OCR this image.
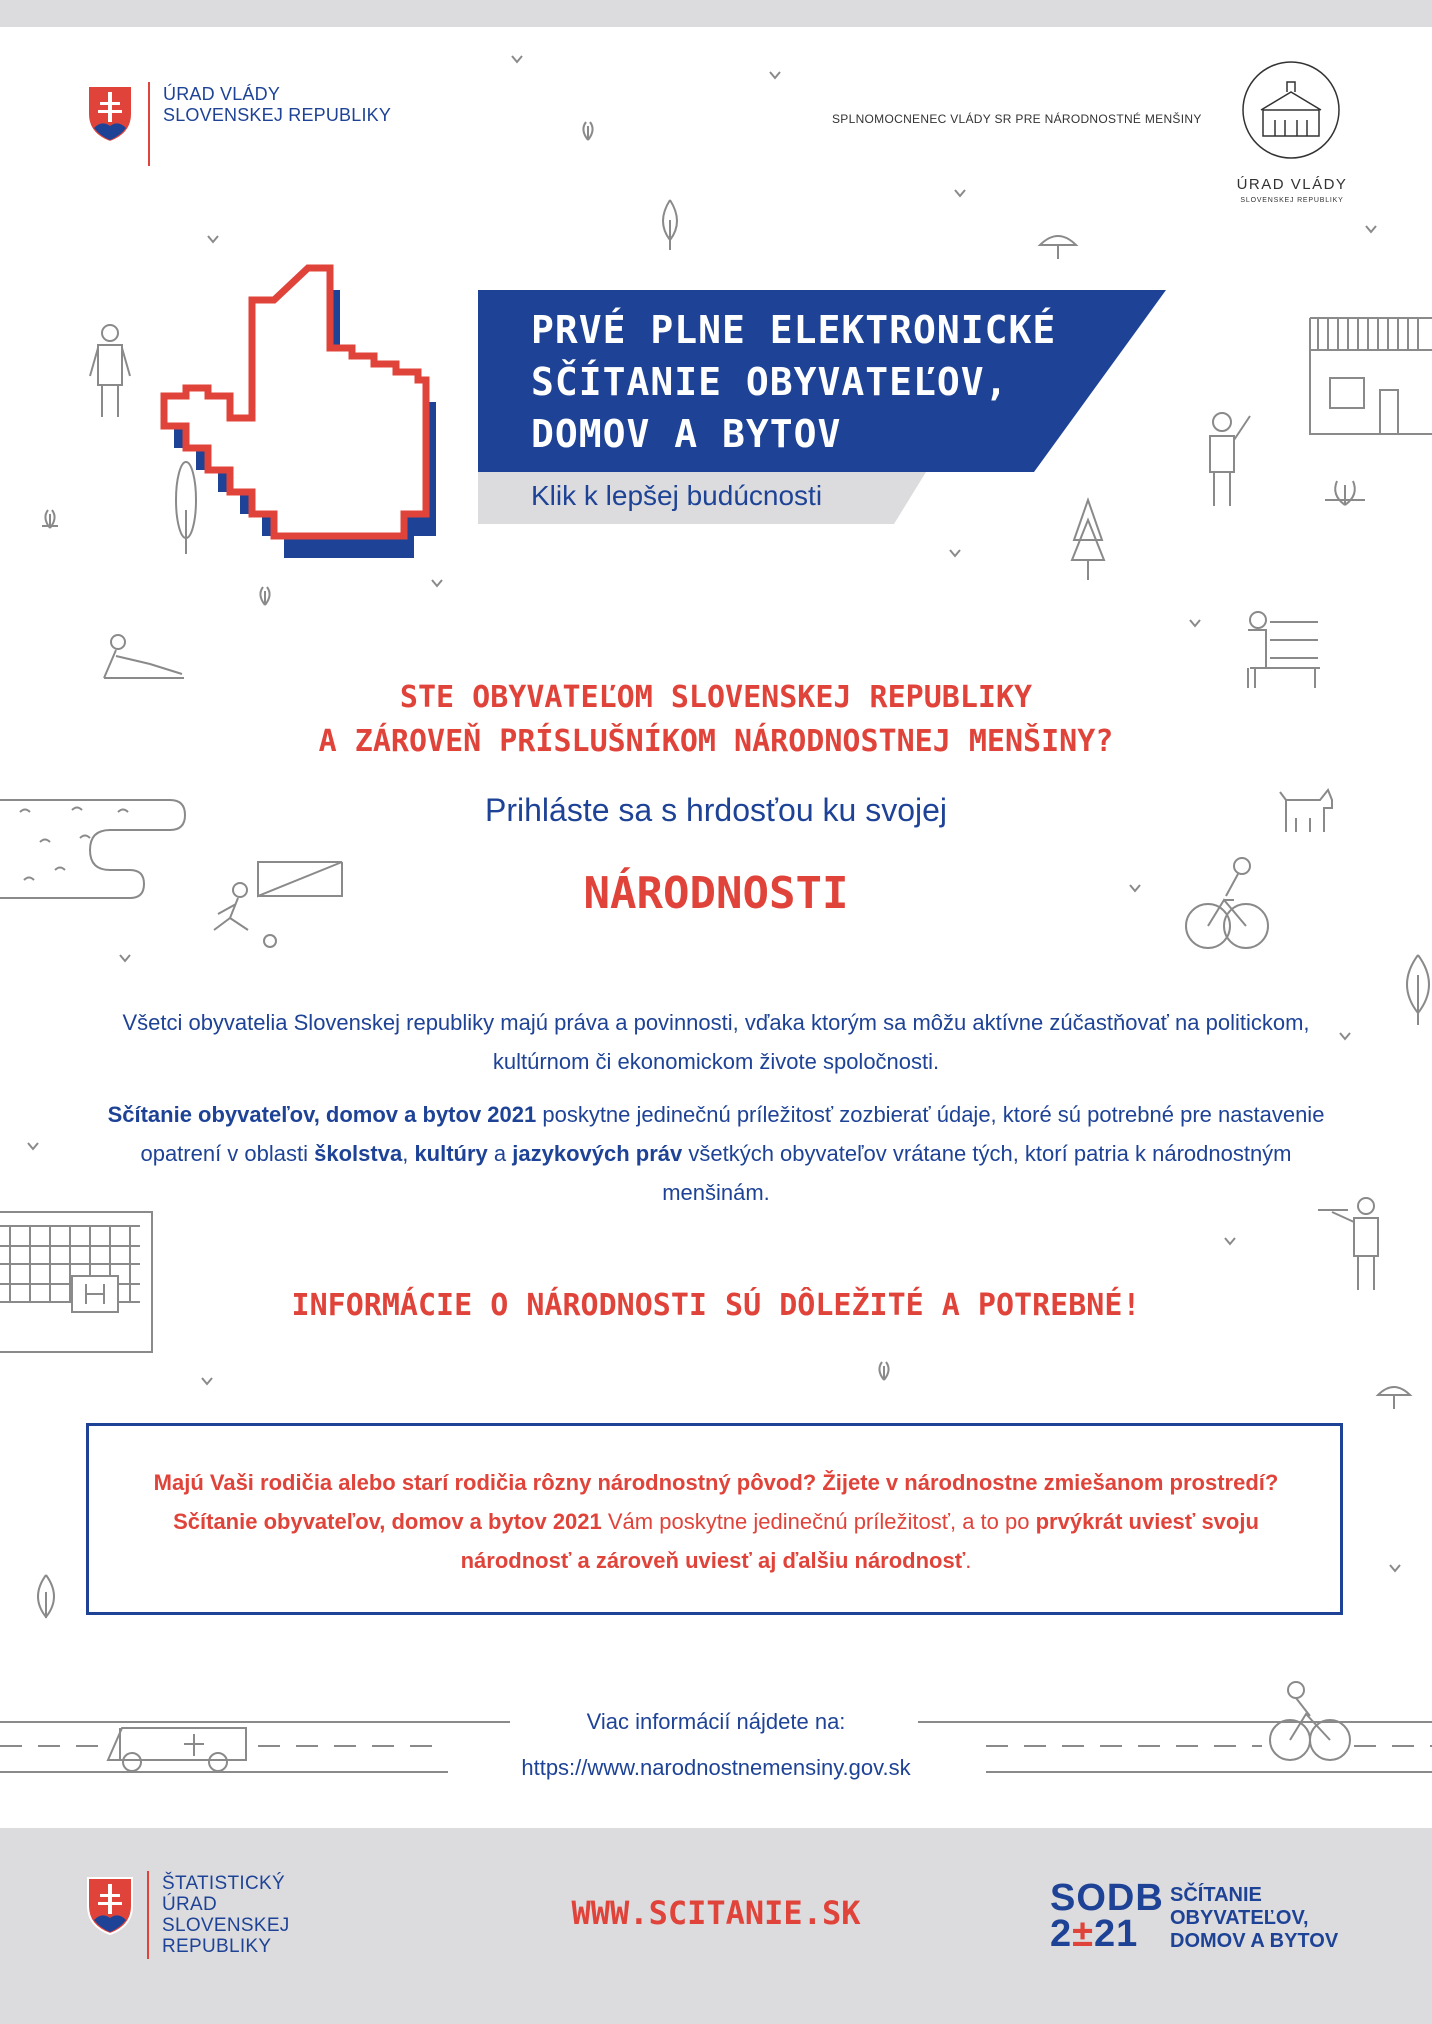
ÚRAD VLÁDY
SLOVENSKEJ REPUBLIKY	SPLNOMOCNENEC VLÁDY SR PRE NÁRODNOSTNÉ MENŠINY
ÚRAD VLÁDY
SLOVENSKEJ REPUBLIKY
PRVÉ PLNE ELEKTRONICKÉ
SČÍTANIE OBYVATEĽOV,
DOMOV A BYTOV
Klik k lepšej budúcnosti
STE OBYVATEĽOM SLOVENSKEJ REPUBLIKY
A ZÁROVEŇ PRÍSLUŠNÍKOM NÁRODNOSTNEJ MENŠINY?
Prihláste sa s hrdosťou ku svojej
NÁRODNOSTI
Všetci obyvatelia Slovenskej republiky majú práva a povinnosti, vďaka ktorým sa môžu aktívne zúčastňovať na politickom, kultúrnom či ekonomickom živote spoločnosti.
Sčítanie obyvateľov, domov a bytov 2021 poskytne jedinečnú príležitosť zozbierať údaje, ktoré sú potrebné pre nastavenie opatrení v oblasti školstva, kultúry a jazykových práv všetkých obyvateľov vrátane tých, ktorí patria k národnostným menšinám.
INFORMÁCIE O NÁRODNOSTI SÚ DÔLEŽITÉ A POTREBNÉ!
Majú Vaši rodičia alebo starí rodičia rôzny národnostný pôvod? Žijete v národnostne zmiešanom prostredí? Sčítanie obyvateľov, domov a bytov 2021 Vám poskytne jedinečnú príležitosť, a to po prvýkrát uviesť svoju národnosť a zároveň uviesť aj ďalšiu národnosť.
Viac informácií nájdete na:
https://www.narodnostnemensiny.gov.sk
ŠTATISTICKÝ
ÚRAD
SLOVENSKEJ
REPUBLIKY
WWW.SCITANIE.SK	SODB
2±21
SČÍTANIE
OBYVATEĽOV,
DOMOV A BYTOV
